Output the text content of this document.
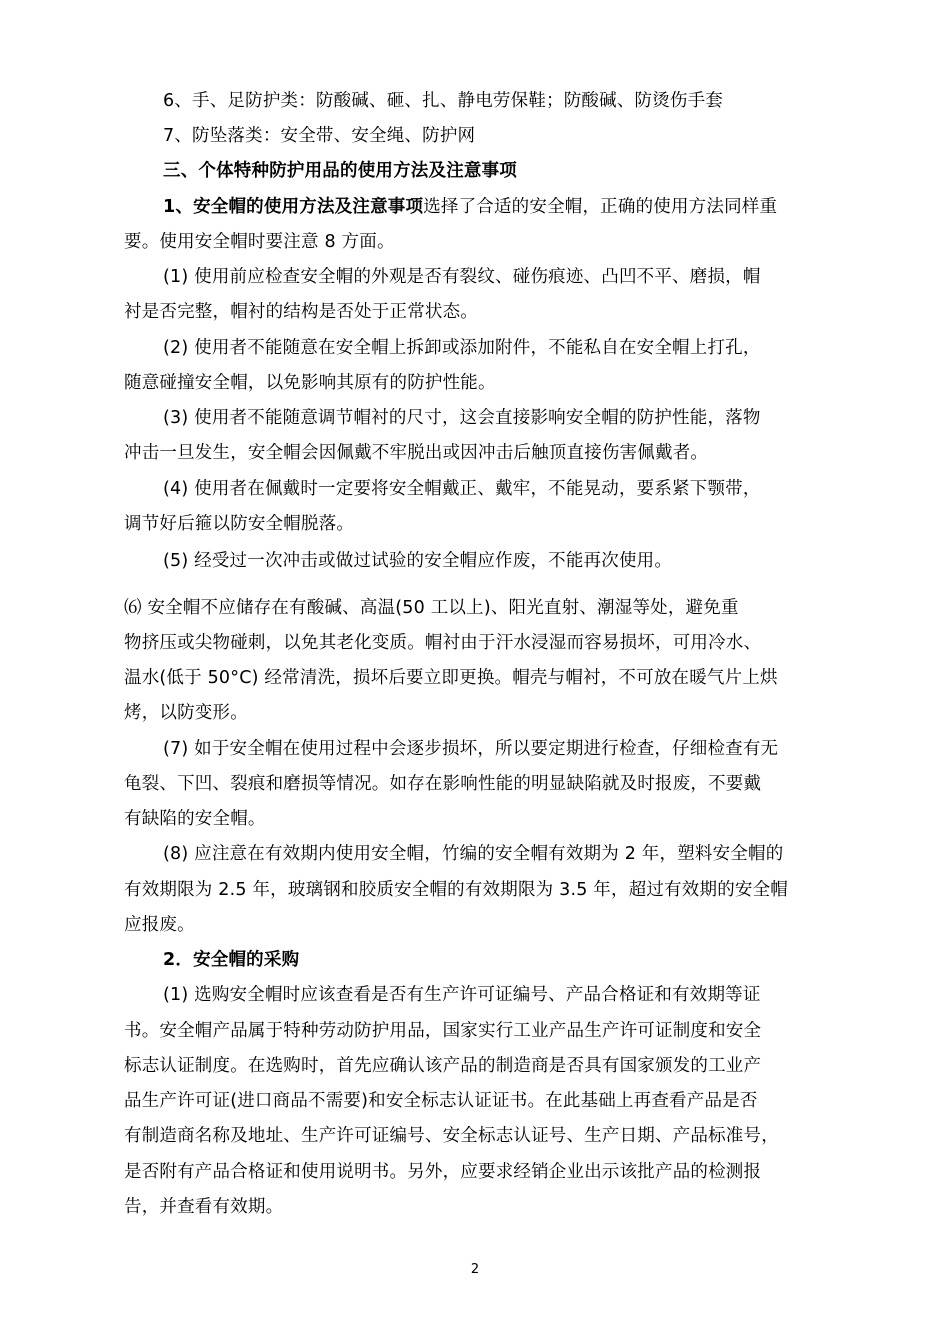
6、手、足防护类：防酸碱、砸、扎、静电劳保鞋；防酸碱、防烫伤手套
7、防坠落类：安全带、安全绳、防护网
三、个体特种防护用品的使用方法及注意事项
1、安全帽的使用方法及注意事项选择了合适的安全帽，正确的使用方法同样重
要。使用安全帽时要注意 8 方面。
(1) 使用前应检查安全帽的外观是否有裂纹、碰伤痕迹、凸凹不平、磨损，帽
衬是否完整，帽衬的结构是否处于正常状态。
(2) 使用者不能随意在安全帽上拆卸或添加附件，不能私自在安全帽上打孔，
随意碰撞安全帽，以免影响其原有的防护性能。
(3) 使用者不能随意调节帽衬的尺寸，这会直接影响安全帽的防护性能，落物
冲击一旦发生，安全帽会因佩戴不牢脱出或因冲击后触顶直接伤害佩戴者。
(4) 使用者在佩戴时一定要将安全帽戴正、戴牢，不能晃动，要系紧下颚带，
调节好后箍以防安全帽脱落。
(5) 经受过一次冲击或做过试验的安全帽应作废，不能再次使用。
⑹ 安全帽不应储存在有酸碱、高温(50 工以上)、阳光直射、潮湿等处，避免重
物挤压或尖物碰刺，以免其老化变质。帽衬由于汗水浸湿而容易损坏，可用冷水、
温水(低于 50°C) 经常清洗，损坏后要立即更换。帽壳与帽衬，不可放在暖气片上烘
烤，以防变形。
(7) 如于安全帽在使用过程中会逐步损坏，所以要定期进行检查，仔细检查有无
龟裂、下凹、裂痕和磨损等情况。如存在影响性能的明显缺陷就及时报废，不要戴
有缺陷的安全帽。
(8) 应注意在有效期内使用安全帽，竹编的安全帽有效期为 2 年，塑料安全帽的
有效期限为 2.5 年，玻璃钢和胶质安全帽的有效期限为 3.5 年，超过有效期的安全帽
应报废。
2．安全帽的采购
(1) 选购安全帽时应该查看是否有生产许可证编号、产品合格证和有效期等证
书。安全帽产品属于特种劳动防护用品，国家实行工业产品生产许可证制度和安全
标志认证制度。在选购时，首先应确认该产品的制造商是否具有国家颁发的工业产
品生产许可证(进口商品不需要)和安全标志认证证书。在此基础上再查看产品是否
有制造商名称及地址、生产许可证编号、安全标志认证号、生产日期、产品标准号，
是否附有产品合格证和使用说明书。另外，应要求经销企业出示该批产品的检测报
告，并查看有效期。
2
